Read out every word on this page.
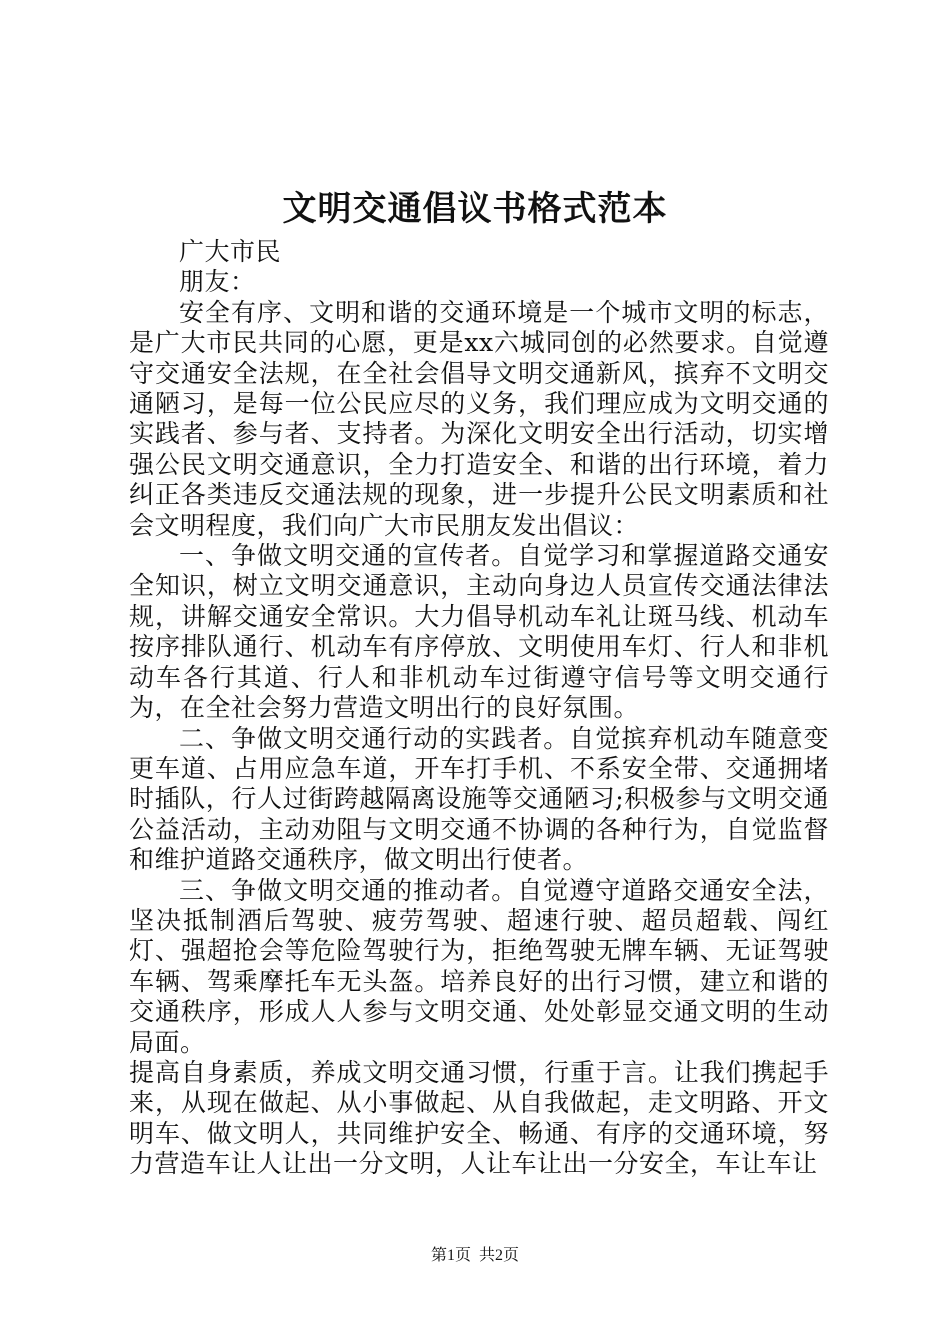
文明交通倡议书格式范本

广大市民

朋友：

安全有序、文明和谐的交通环境是一个城市文明的标志，是广大市民共同的心愿，更是xx六城同创的必然要求。自觉遵守交通安全法规，在全社会倡导文明交通新风，摈弃不文明交通陋习，是每一位公民应尽的义务，我们理应成为文明交通的实践者、参与者、支持者。为深化文明安全出行活动，切实增强公民文明交通意识，全力打造安全、和谐的出行环境，着力纠正各类违反交通法规的现象，进一步提升公民文明素质和社会文明程度，我们向广大市民朋友发出倡议：

一、争做文明交通的宣传者。自觉学习和掌握道路交通安全知识，树立文明交通意识，主动向身边人员宣传交通法律法规，讲解交通安全常识。大力倡导机动车礼让斑马线、机动车按序排队通行、机动车有序停放、文明使用车灯、行人和非机动车各行其道、行人和非机动车过街遵守信号等文明交通行为，在全社会努力营造文明出行的良好氛围。

二、争做文明交通行动的实践者。自觉摈弃机动车随意变更车道、占用应急车道，开车打手机、不系安全带、交通拥堵时插队，行人过街跨越隔离设施等交通陋习;积极参与文明交通公益活动，主动劝阻与文明交通不协调的各种行为，自觉监督和维护道路交通秩序，做文明出行使者。

三、争做文明交通的推动者。自觉遵守道路交通安全法，坚决抵制酒后驾驶、疲劳驾驶、超速行驶、超员超载、闯红灯、强超抢会等危险驾驶行为，拒绝驾驶无牌车辆、无证驾驶车辆、驾乘摩托车无头盔。培养良好的出行习惯，建立和谐的交通秩序，形成人人参与文明交通、处处彰显交通文明的生动局面。

提高自身素质，养成文明交通习惯，行重于言。让我们携起手来，从现在做起、从小事做起、从自我做起，走文明路、开文明车、做文明人，共同维护安全、畅通、有序的交通环境，努力营造车让人让出一分文明，人让车让出一分安全，车让车让

第1页  共2页
